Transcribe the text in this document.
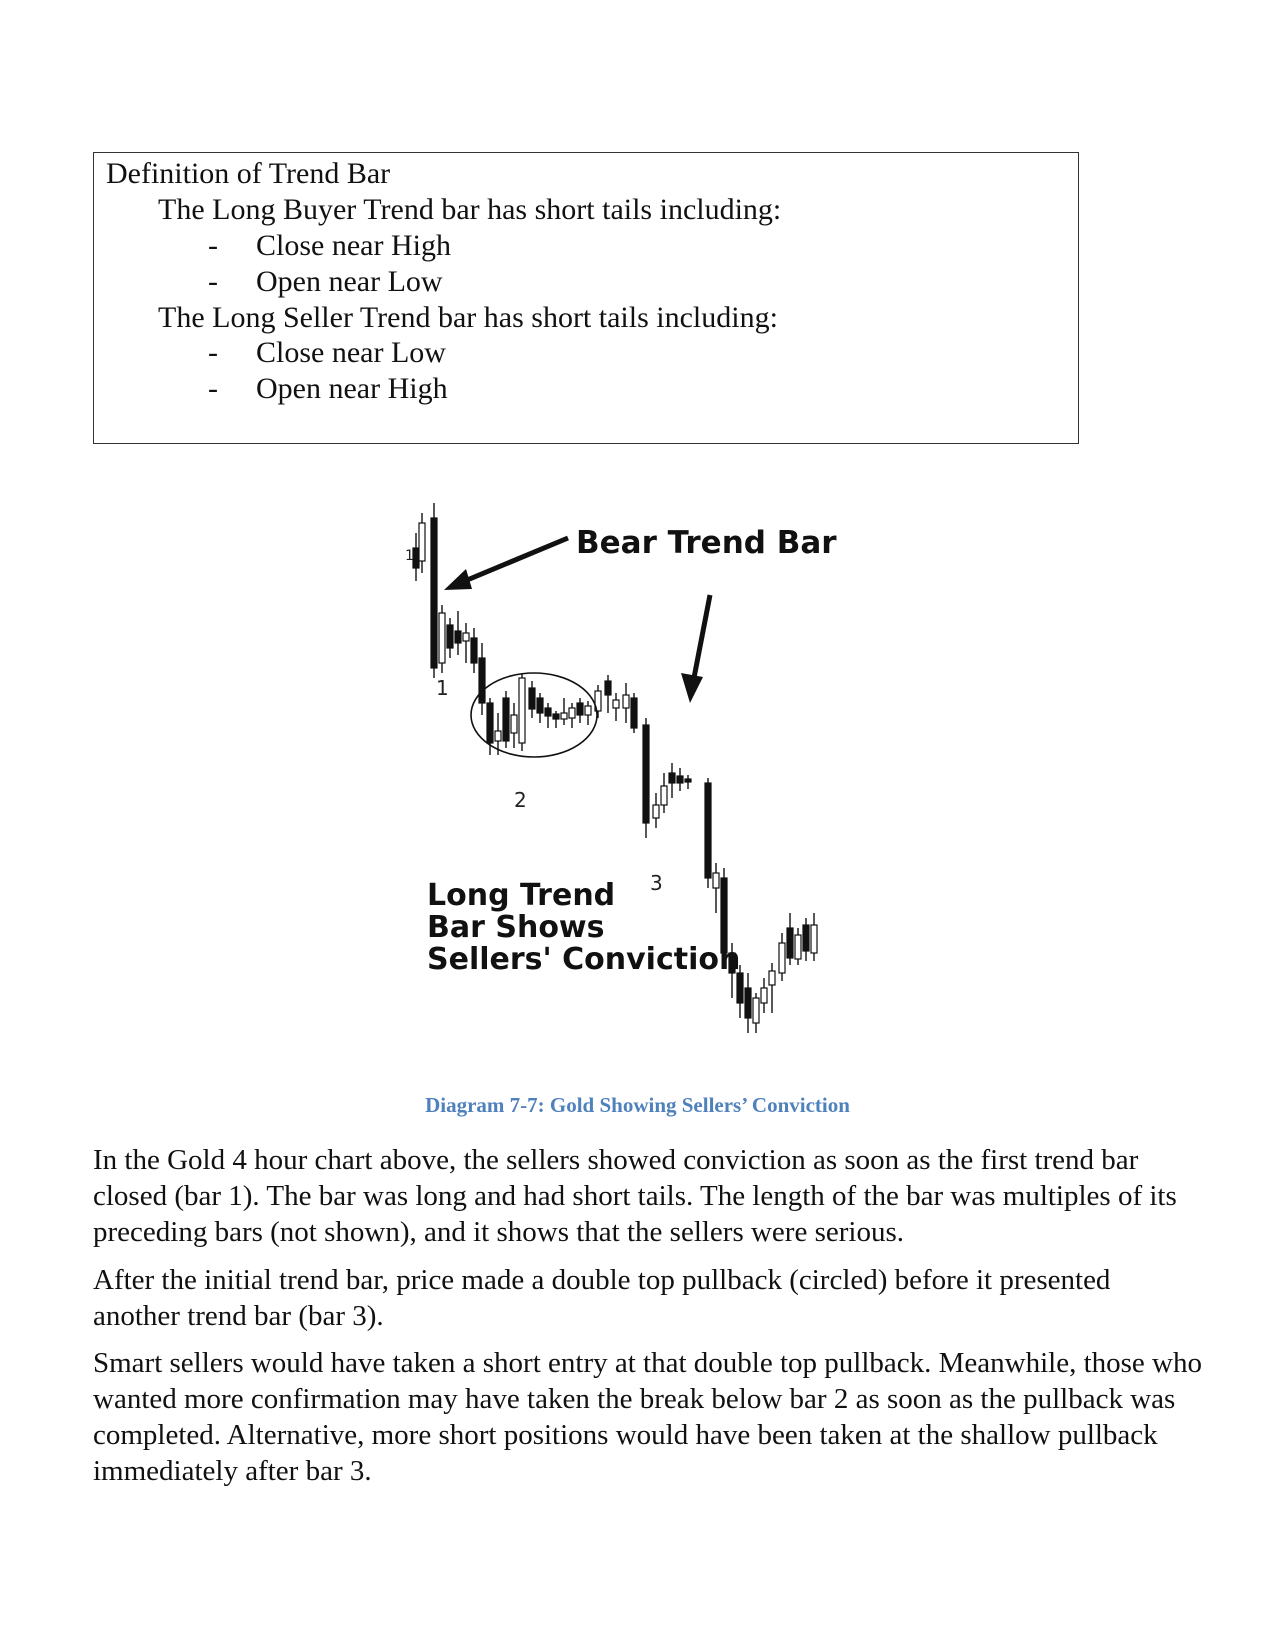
Definition of Trend Bar
The Long Buyer Trend bar has short tails including:
- Close near High
- Open near Low
The Long Seller Trend bar has short tails including:
- Close near Low
- Open near High
Bear Trend Bar
Long Trend
Bar Shows
Sellers' Conviction
1
2
3
1
Diagram 7-7: Gold Showing Sellers’ Conviction
In the Gold 4 hour chart above, the sellers showed conviction as soon as the first trend bar closed (bar 1). The bar was long and had short tails. The length of the bar was multiples of its preceding bars (not shown), and it shows that the sellers were serious.
After the initial trend bar, price made a double top pullback (circled) before it presented another trend bar (bar 3).
Smart sellers would have taken a short entry at that double top pullback. Meanwhile, those who wanted more confirmation may have taken the break below bar 2 as soon as the pullback was completed. Alternative, more short positions would have been taken at the shallow pullback immediately after bar 3.
